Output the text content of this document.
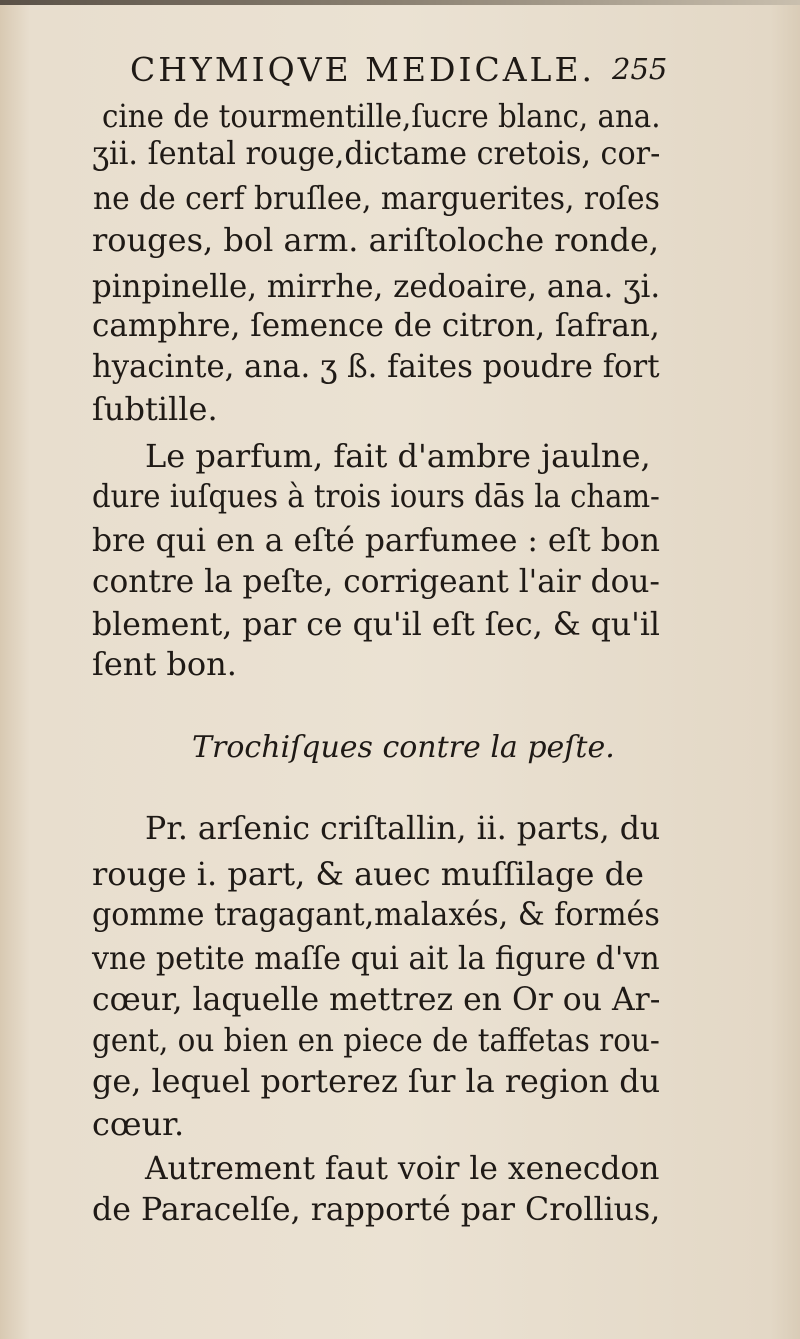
CHYMIQVE MEDICALE. 255
cine de tourmentille,ſucre blanc, ana.
ʒii. ſental rouge,dictame cretois, cor-
ne de cerf bruſlee, marguerites, roſes
rouges, bol arm. ariſtoloche ronde,
pinpinelle, mirrhe, zedoaire, ana. ʒi.
camphre, ſemence de citron, ſafran,
hyacinte, ana. ʒ ß. faites poudre fort
ſubtille.
Le parfum, fait d'ambre jaulne,
dure iuſques à trois iours dās la cham-
bre qui en a eſté parfumee : eſt bon
contre la peſte, corrigeant l'air dou-
blement, par ce qu'il eſt ſec, & qu'il
ſent bon.
Trochiſques contre la peſte.
Pr. arſenic criſtallin, ii. parts, du
rouge i. part, & auec muſſilage de
gomme tragagant,malaxés, & formés
vne petite maſſe qui ait la figure d'vn
cœur, laquelle mettrez en Or ou Ar-
gent, ou bien en piece de taffetas rou-
ge, lequel porterez ſur la region du
cœur.
Autrement faut voir le xenecdon
de Paracelſe, rapporté par Crollius,
